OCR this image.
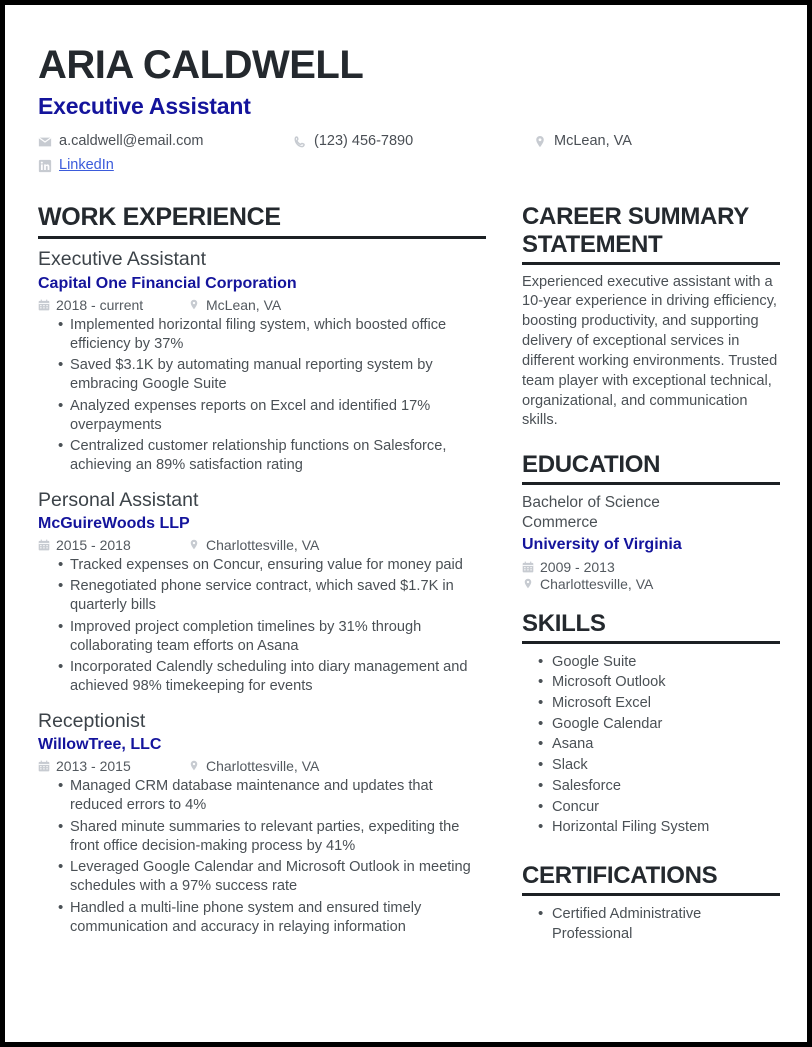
ARIA CALDWELL
Executive Assistant
a.caldwell@email.com	(123) 456-7890	McLean, VA
LinkedIn
WORK EXPERIENCE

Executive Assistant

Capital One Financial Corporation

2018 - current	McLean, VA
• Implemented horizontal filing system, which boosted office efficiency by 37%
• Saved $3.1K by automating manual reporting system by embracing Google Suite
• Analyzed expenses reports on Excel and identified 17% overpayments
• Centralized customer relationship functions on Salesforce, achieving an 89% satisfaction rating

Personal Assistant

McGuireWoods LLP

2015 - 2018	Charlottesville, VA
• Tracked expenses on Concur, ensuring value for money paid
• Renegotiated phone service contract, which saved $1.7K in quarterly bills
• Improved project completion timelines by 31% through collaborating team efforts on Asana
• Incorporated Calendly scheduling into diary management and achieved 98% timekeeping for events

Receptionist

WillowTree, LLC

2013 - 2015	Charlottesville, VA
• Managed CRM database maintenance and updates that reduced errors to 4%
• Shared minute summaries to relevant parties, expediting the front office decision-making process by 41%
• Leveraged Google Calendar and Microsoft Outlook in meeting schedules with a 97% success rate
• Handled a multi-line phone system and ensured timely communication and accuracy in relaying information
CAREER SUMMARY STATEMENT

Experienced executive assistant with a 10-year experience in driving efficiency, boosting productivity, and supporting delivery of exceptional services in different working environments. Trusted team player with exceptional technical, organizational, and communication skills.

EDUCATION

Bachelor of Science

Commerce

University of Virginia

2009 - 2013
Charlottesville, VA
SKILLS
• Google Suite
• Microsoft Outlook
• Microsoft Excel
• Google Calendar
• Asana
• Slack
• Salesforce
• Concur
• Horizontal Filing System
CERTIFICATIONS
• Certified Administrative Professional
